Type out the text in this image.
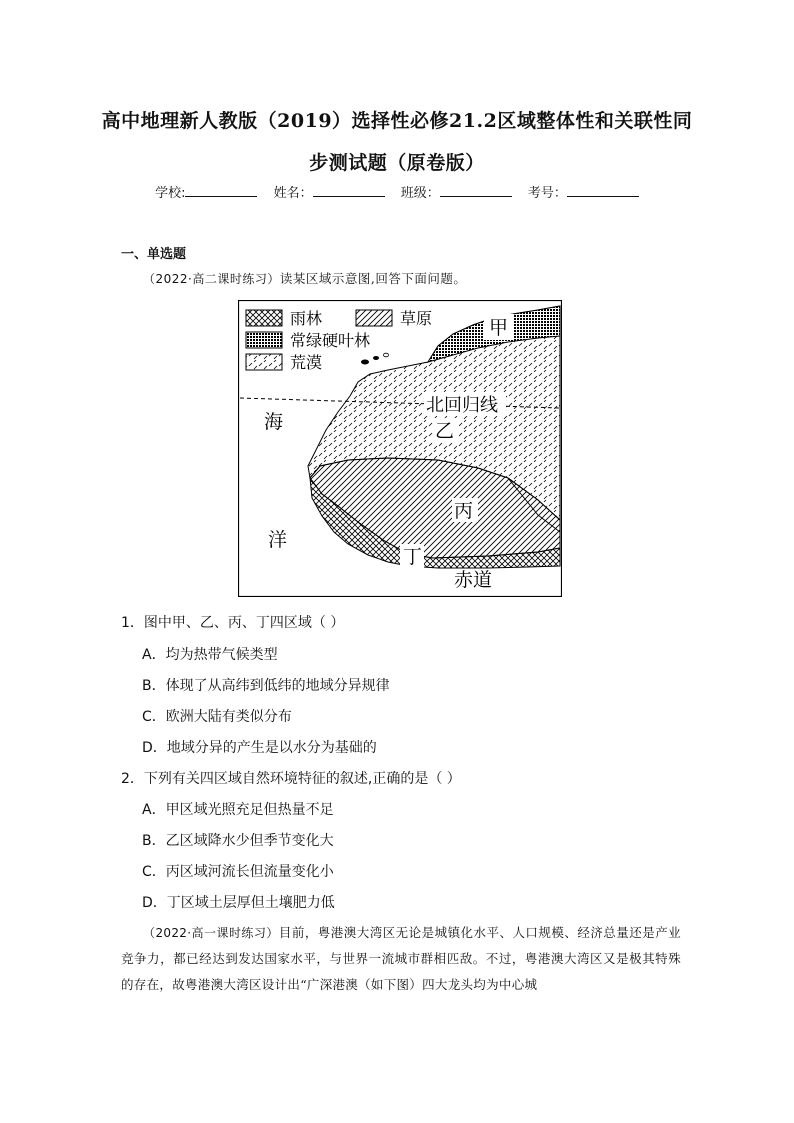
高中地理新人教版（2019）选择性必修21.2区域整体性和关联性同步测试题（原卷版）
学校:	姓名：	班级：	考号：
一、单选题
（2022·高二课时练习）读某区域示意图,回答下面问题。
雨林	草原
常绿硬叶林
荒漠
甲
北回归线
乙
丙
丁
海
洋
赤道
1．图中甲、乙、丙、丁四区域（ ）
A．均为热带气候类型
B．体现了从高纬到低纬的地域分异规律
C．欧洲大陆有类似分布
D．地域分异的产生是以水分为基础的
2．下列有关四区域自然环境特征的叙述,正确的是（ ）
A．甲区域光照充足但热量不足
B．乙区域降水少但季节变化大
C．丙区域河流长但流量变化小
D．丁区域土层厚但土壤肥力低
（2022·高一课时练习）目前，粤港澳大湾区无论是城镇化水平、人口规模、经济总量还是产业竞争力，都已经达到发达国家水平，与世界一流城市群相匹敌。不过，粤港澳大湾区又是极其特殊的存在，故粤港澳大湾区设计出“广深港澳（如下图）四大龙头均为中心城
